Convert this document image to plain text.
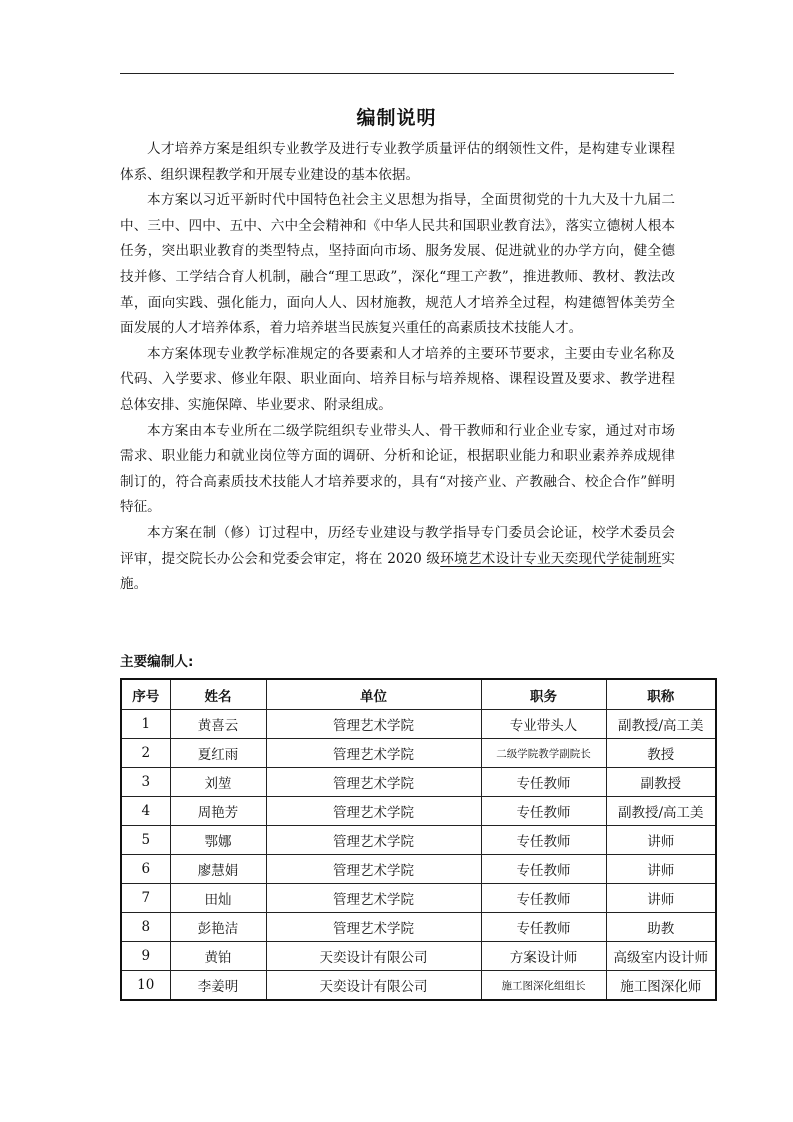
编制说明

人才培养方案是组织专业教学及进行专业教学质量评估的纲领性文件，是构建专业课程体系、组织课程教学和开展专业建设的基本依据。

本方案以习近平新时代中国特色社会主义思想为指导，全面贯彻党的十九大及十九届二中、三中、四中、五中、六中全会精神和《中华人民共和国职业教育法》，落实立德树人根本任务，突出职业教育的类型特点，坚持面向市场、服务发展、促进就业的办学方向，健全德技并修、工学结合育人机制，融合“理工思政”，深化“理工产教”，推进教师、教材、教法改革，面向实践、强化能力，面向人人、因材施教，规范人才培养全过程，构建德智体美劳全面发展的人才培养体系，着力培养堪当民族复兴重任的高素质技术技能人才。

本方案体现专业教学标准规定的各要素和人才培养的主要环节要求，主要由专业名称及代码、入学要求、修业年限、职业面向、培养目标与培养规格、课程设置及要求、教学进程总体安排、实施保障、毕业要求、附录组成。

本方案由本专业所在二级学院组织专业带头人、骨干教师和行业企业专家，通过对市场需求、职业能力和就业岗位等方面的调研、分析和论证，根据职业能力和职业素养养成规律制订的，符合高素质技术技能人才培养要求的，具有“对接产业、产教融合、校企合作”鲜明特征。

本方案在制（修）订过程中，历经专业建设与教学指导专门委员会论证，校学术委员会评审，提交院长办公会和党委会审定，将在 2020 级环境艺术设计专业天奕现代学徒制班实施。

主要编制人:
序号	姓名	单位	职务	职称
1	黄喜云	管理艺术学院	专业带头人	副教授/高工美
2	夏红雨	管理艺术学院	二级学院教学副院长	教授
3	刘堃	管理艺术学院	专任教师	副教授
4	周艳芳	管理艺术学院	专任教师	副教授/高工美
5	鄂娜	管理艺术学院	专任教师	讲师
6	廖慧娟	管理艺术学院	专任教师	讲师
7	田灿	管理艺术学院	专任教师	讲师
8	彭艳洁	管理艺术学院	专任教师	助教
9	黄铂	天奕设计有限公司	方案设计师	高级室内设计师
10	李姜明	天奕设计有限公司	施工图深化组组长	施工图深化师
